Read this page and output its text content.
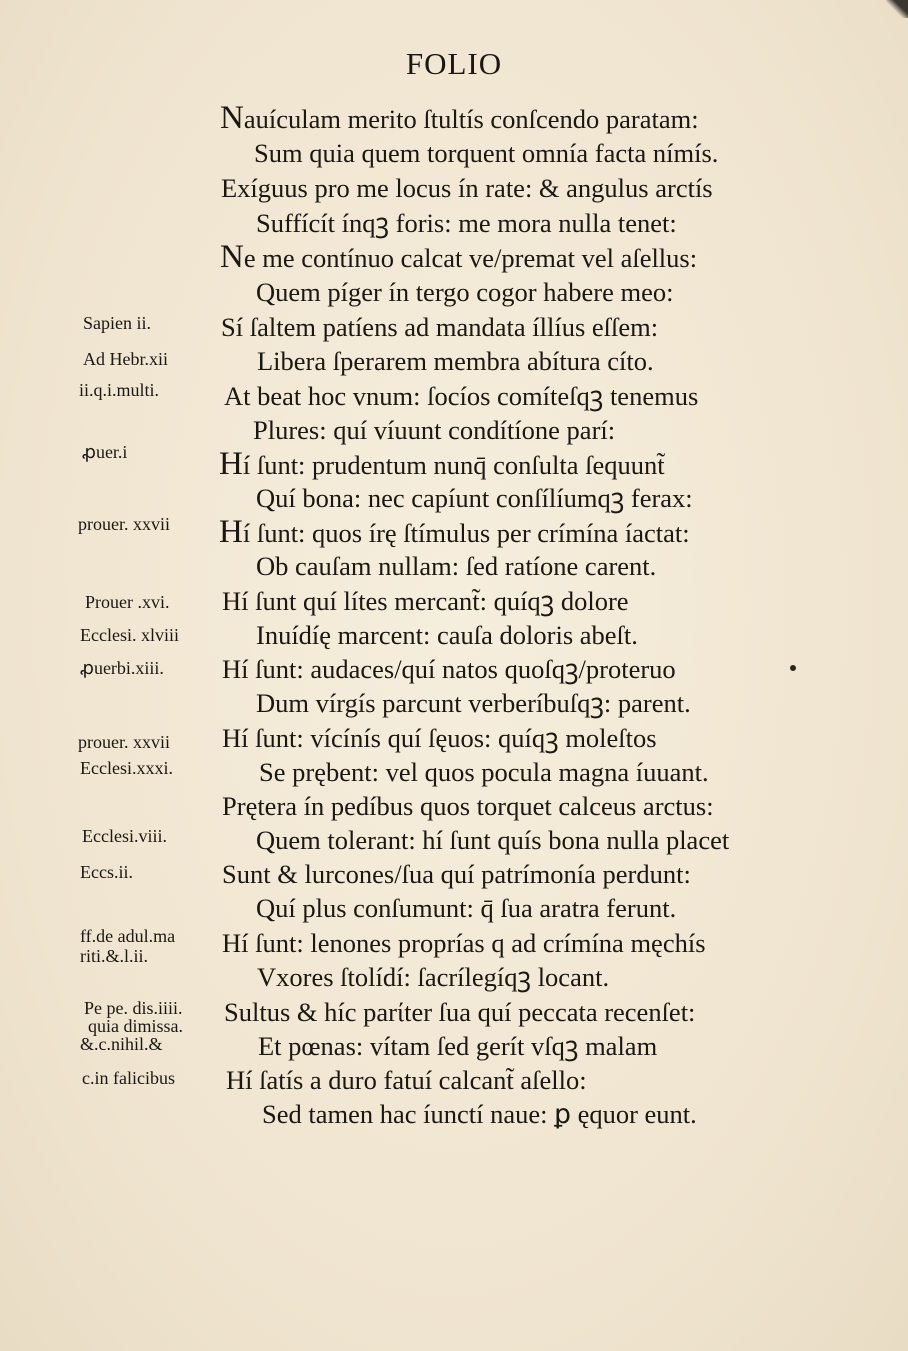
FOLIO
Nauículam merito ſtultís conſcendo paratam:
Sum quia quem torquent omnía facta nímís.
Exíguus pro me locus ín rate: & angulus arctís
Suffícít ínqꝫ foris: me mora nulla tenet:
Ne me contínuo calcat ve/premat vel aſellus:
Quem píger ín tergo cogor habere meo:
Sí ſaltem patíens ad mandata íllíus eſſem:
Libera ſperarem membra abítura cíto.
At beat hoc vnum: ſocíos comíteſqꝫ tenemus
Plures: quí víuunt condítíone parí:
Hí ſunt: prudentum nunq̄ conſulta ſequunt̃
Quí bona: nec capíunt conſílíumqꝫ ferax:
Hí ſunt: quos írę ſtímulus per crímína íactat:
Ob cauſam nullam: ſed ratíone carent.
Hí ſunt quí lítes mercant̃: quíqꝫ dolore
Inuídíę marcent: cauſa doloris abeſt.
Hí ſunt: audaces/quí natos quoſqꝫ/proteruo
Dum vírgís parcunt verberíbuſqꝫ: parent.
Hí ſunt: vícínís quí ſęuos: quíqꝫ moleſtos
Se prębent: vel quos pocula magna íuuant.
Prętera ín pedíbus quos torquet calceus arctus:
Quem tolerant: hí ſunt quís bona nulla placet
Sunt & lurcones/ſua quí patrímonía perdunt:
Quí plus conſumunt: q̄ ſua aratra ferunt.
Hí ſunt: lenones proprías q ad crímína męchís
Vxores ſtolídí: ſacrílegíqꝫ locant.
Sultus & híc parίter ſua quí peccata recenſet:
Et pœnas: vítam ſed gerít vſqꝫ malam
Hí ſatís a duro fatuí calcant̃ aſello:
Sed tamen hac íunctí naue: ꝑ ęquor eunt.
Sapien ii.
Ad Hebr.xii
ii.q.i.multi.
ꝓuer.i
prouer. xxvii
Prouer .xvi.
Ecclesi. xlviii
ꝓuerbi.xiii.
prouer. xxvii
Ecclesi.xxxi.
Ecclesi.viii.
Eccs.ii.
ff.de adul.ma
riti.&.l.ii.
Pe pe. dis.iiii.
quia dimissa.
&.c.nihil.&
c.in falicibus
